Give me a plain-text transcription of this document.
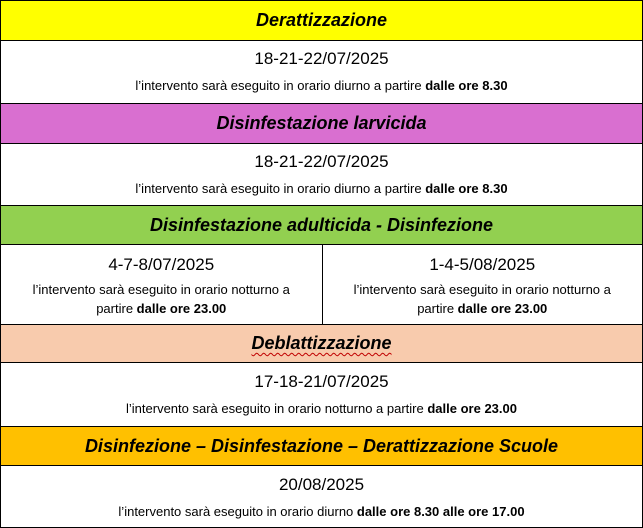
Derattizzazione
18-21-22/07/2025
l’intervento sarà eseguito in orario diurno a partire dalle ore 8.30
Disinfestazione larvicida
18-21-22/07/2025
l’intervento sarà eseguito in orario diurno a partire dalle ore 8.30
Disinfestazione adulticida - Disinfezione
4-7-8/07/2025
l’intervento sarà eseguito in orario notturno a
partire dalle ore 23.00
1-4-5/08/2025
l’intervento sarà eseguito in orario notturno a
partire dalle ore 23.00
Deblattizzazione
17-18-21/07/2025
l’intervento sarà eseguito in orario notturno a partire dalle ore 23.00
Disinfezione – Disinfestazione – Derattizzazione Scuole
20/08/2025
l’intervento sarà eseguito in orario diurno dalle ore 8.30 alle ore 17.00
